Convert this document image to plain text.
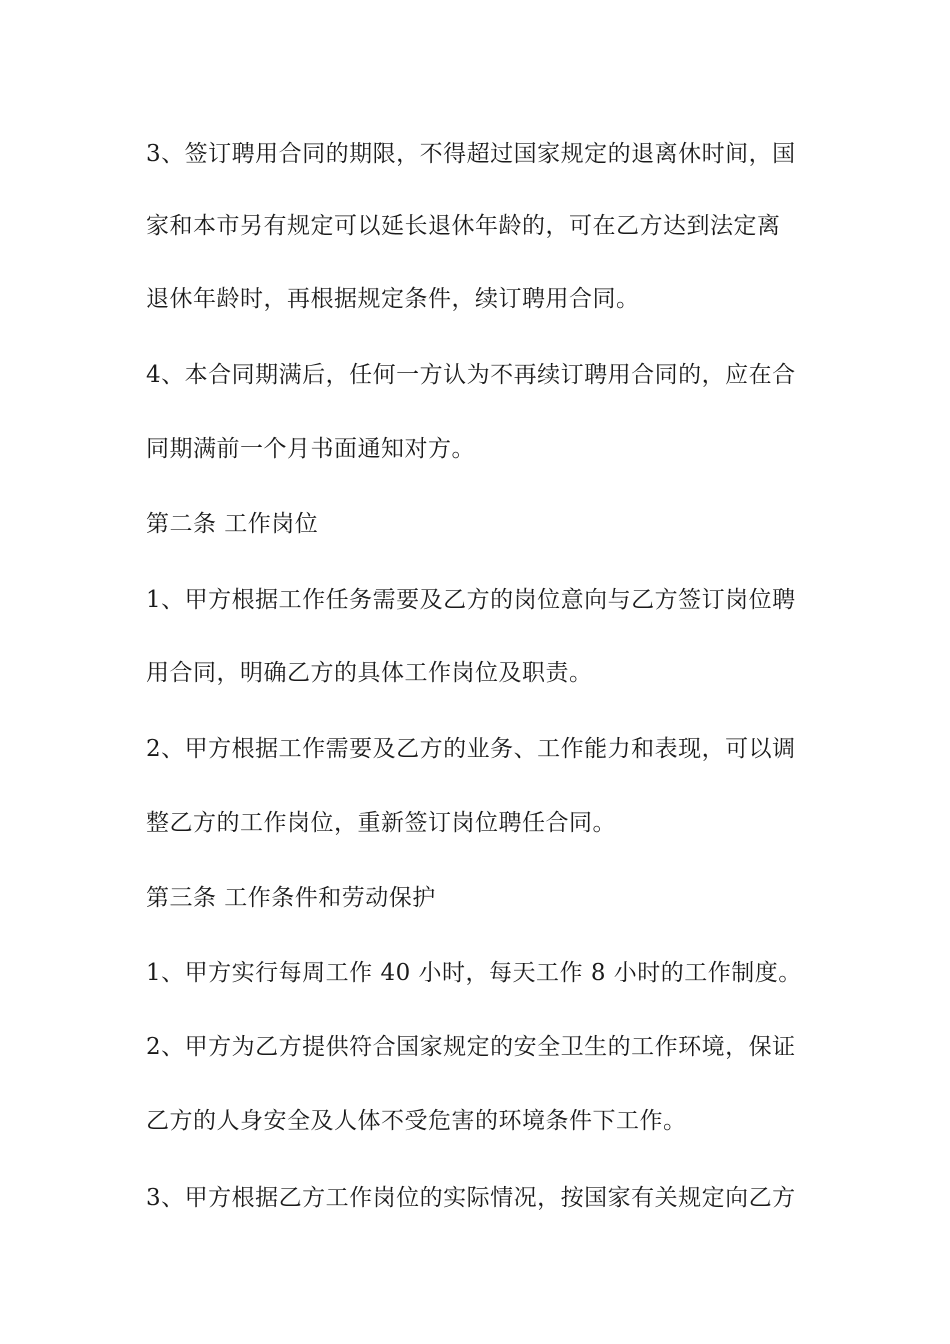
3、签订聘用合同的期限，不得超过国家规定的退离休时间，国
家和本市另有规定可以延长退休年龄的，可在乙方达到法定离
退休年龄时，再根据规定条件，续订聘用合同。
4、本合同期满后，任何一方认为不再续订聘用合同的，应在合
同期满前一个月书面通知对方。
第二条 工作岗位
1、甲方根据工作任务需要及乙方的岗位意向与乙方签订岗位聘
用合同，明确乙方的具体工作岗位及职责。
2、甲方根据工作需要及乙方的业务、工作能力和表现，可以调
整乙方的工作岗位，重新签订岗位聘任合同。
第三条 工作条件和劳动保护
1、甲方实行每周工作 40 小时，每天工作 8 小时的工作制度。
2、甲方为乙方提供符合国家规定的安全卫生的工作环境，保证
乙方的人身安全及人体不受危害的环境条件下工作。
3、甲方根据乙方工作岗位的实际情况，按国家有关规定向乙方
